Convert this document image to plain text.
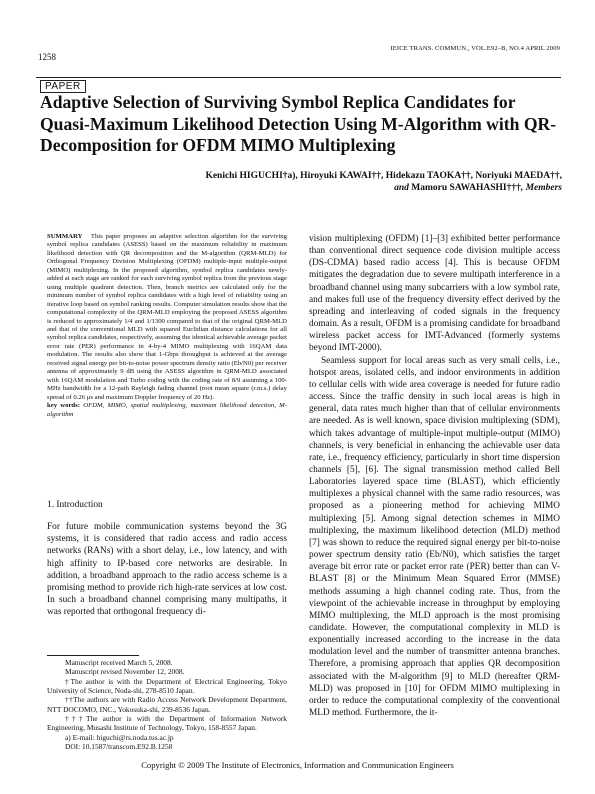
1258
IEICE TRANS. COMMUN., VOL.E92–B, NO.4 APRIL 2009
PAPER
Adaptive Selection of Surviving Symbol Replica Candidates for Quasi-Maximum Likelihood Detection Using M-Algorithm with QR-Decomposition for OFDM MIMO Multiplexing
Kenichi HIGUCHI†a), Hiroyuki KAWAI††, Hidekazu TAOKA††, Noriyuki MAEDA††,
and Mamoru SAWAHASHI†††, Members
SUMMARY This paper proposes an adaptive selection algorithm for the surviving symbol replica candidates (ASESS) based on the maximum reliability in maximum likelihood detection with QR decomposition and the M-algorithm (QRM-MLD) for Orthogonal Frequency Division Multiplexing (OFDM) multiple-input multiple-output (MIMO) multiplexing. In the proposed algorithm, symbol replica candidates newly-added at each stage are ranked for each surviving symbol replica from the previous stage using multiple quadrant detection. Then, branch metrics are calculated only for the minimum number of symbol replica candidates with a high level of reliability using an iterative loop based on symbol ranking results. Computer simulation results show that the computational complexity of the QRM-MLD employing the proposed ASESS algorithm is reduced to approximately 1/4 and 1/1300 compared to that of the original QRM-MLD and that of the conventional MLD with squared Euclidian distance calculations for all symbol replica candidates, respectively, assuming the identical achievable average packet error rate (PER) performance in 4-by-4 MIMO multiplexing with 16QAM data modulation. The results also show that 1-Gbps throughput is achieved at the average received signal energy per bit-to-noise power spectrum density ratio (Eb/N0) per receiver antenna of approximately 9 dB using the ASESS algorithm in QRM-MLD associated with 16QAM modulation and Turbo coding with the coding rate of 8/9 assuming a 100-MHz bandwidth for a 12-path Rayleigh fading channel (root mean square (r.m.s.) delay spread of 0.26 μs and maximum Doppler frequency of 20 Hz).
key words: OFDM, MIMO, spatial multiplexing, maximum likelihood detection, M-algorithm
1. Introduction
For future mobile communication systems beyond the 3G systems, it is considered that radio access and radio access networks (RANs) with a short delay, i.e., low latency, and with high affinity to IP-based core networks are desirable. In addition, a broadband approach to the radio access scheme is a promising method to provide rich high-rate services at low cost. In such a broadband channel comprising many multipaths, it was reported that orthogonal frequency di-

Manuscript received March 5, 2008.

Manuscript revised November 12, 2008.

†The author is with the Department of Electrical Engineering, Tokyo University of Science, Noda-shi, 278-8510 Japan.

††The authors are with Radio Access Network Development Department, NTT DOCOMO, INC., Yokosuka-shi, 239-8536 Japan.

†††The author is with the Department of Information Network Engineering, Musashi Institute of Technology, Tokyo, 158-8557 Japan.

a) E-mail: higuchi@rs.noda.tus.ac.jp

DOI: 10.1587/transcom.E92.B.1258

vision multiplexing (OFDM) [1]–[3] exhibited better performance than conventional direct sequence code division multiple access (DS-CDMA) based radio access [4]. This is because OFDM mitigates the degradation due to severe multipath interference in a broadband channel using many subcarriers with a low symbol rate, and makes full use of the frequency diversity effect derived by the spreading and interleaving of coded signals in the frequency domain. As a result, OFDM is a promising candidate for broadband wireless packet access for IMT-Advanced (formerly systems beyond IMT-2000).

Seamless support for local areas such as very small cells, i.e., hotspot areas, isolated cells, and indoor environments in addition to cellular cells with wide area coverage is needed for future radio access. Since the traffic density in such local areas is high in general, data rates much higher than that of cellular environments are needed. As is well known, space division multiplexing (SDM), which takes advantage of multiple-input multiple-output (MIMO) channels, is very beneficial in enhancing the achievable user data rate, i.e., frequency efficiency, particularly in short time dispersion channels [5], [6]. The signal transmission method called Bell Laboratories layered space time (BLAST), which efficiently multiplexes a physical channel with the same radio resources, was proposed as a pioneering method for achieving MIMO multiplexing [5]. Among signal detection schemes in MIMO multiplexing, the maximum likelihood detection (MLD) method [7] was shown to reduce the required signal energy per bit-to-noise power spectrum density ratio (Eb/N0), which satisfies the target average bit error rate or packet error rate (PER) better than can V-BLAST [8] or the Minimum Mean Squared Error (MMSE) methods assuming a high channel coding rate. Thus, from the viewpoint of the achievable increase in throughput by employing MIMO multiplexing, the MLD approach is the most promising candidate. However, the computational complexity in MLD is exponentially increased according to the increase in the data modulation level and the number of transmitter antenna branches. Therefore, a promising approach that applies QR decomposition associated with the M-algorithm [9] to MLD (hereafter QRM-MLD) was proposed in [10] for OFDM MIMO multiplexing in order to reduce the computational complexity of the conventional MLD method. Furthermore, the it-

Copyright © 2009 The Institute of Electronics, Information and Communication Engineers
